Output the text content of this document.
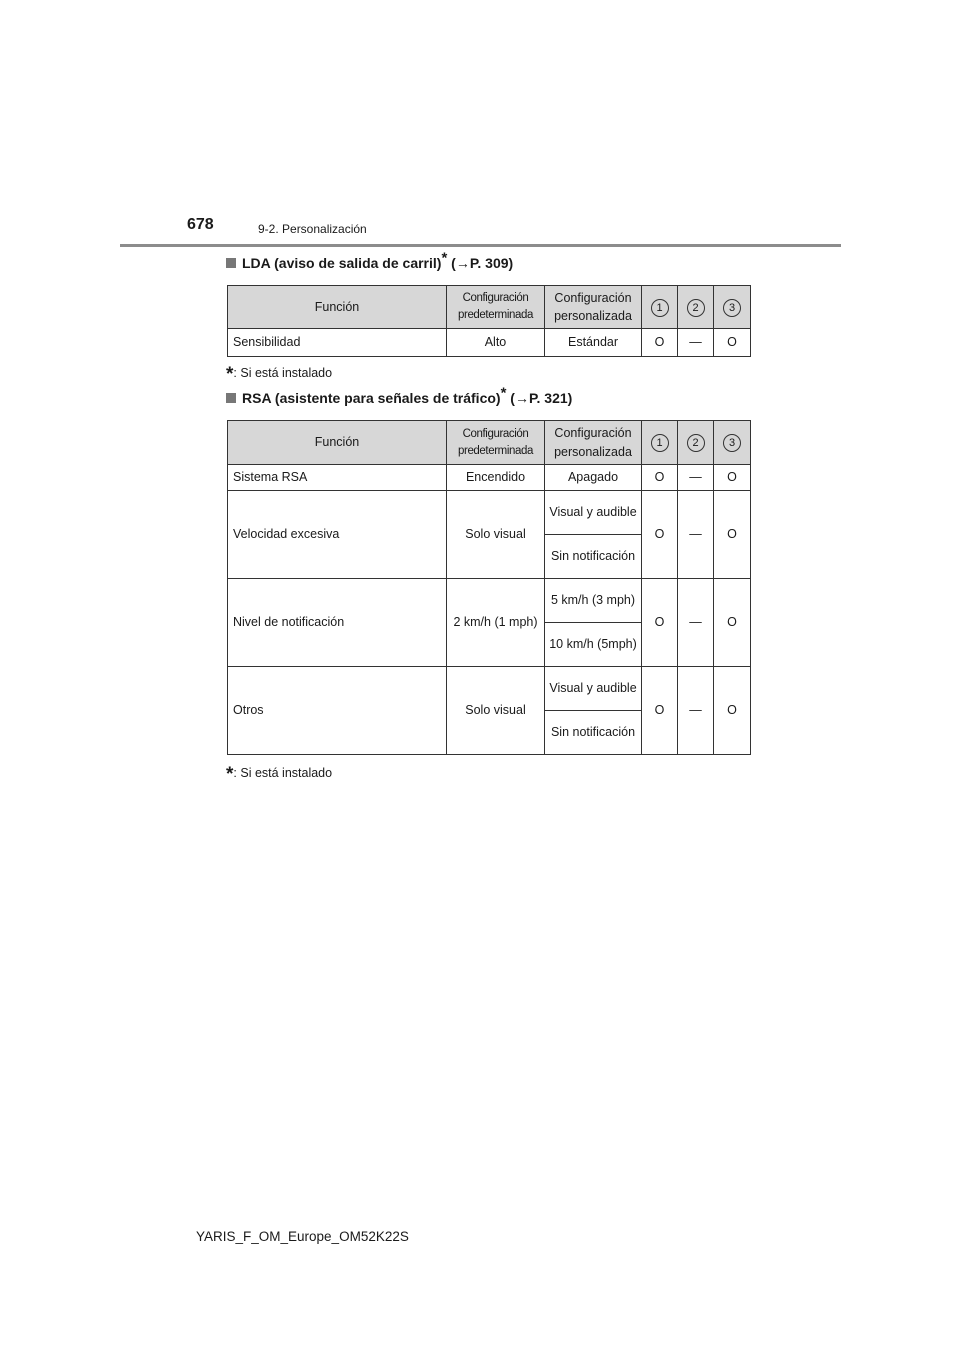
678	9-2. Personalización
LDA (aviso de salida de carril)* (→P. 309)
Función	Configuración predeterminada	Configuración personalizada	1	2	3
Sensibilidad	Alto	Estándar	O	—	O
*: Si está instalado
RSA (asistente para señales de tráfico)* (→P. 321)
Función	Configuración predeterminada	Configuración personalizada	1	2	3
Sistema RSA	Encendido	Apagado	O	—	O
Velocidad excesiva	Solo visual	Visual y audible	O	—	O
		Sin notificación			
Nivel de notificación	2 km/h (1 mph)	5 km/h (3 mph)	O	—	O
		10 km/h (5mph)			
Otros	Solo visual	Visual y audible	O	—	O
		Sin notificación			
*: Si está instalado
YARIS_F_OM_Europe_OM52K22S
